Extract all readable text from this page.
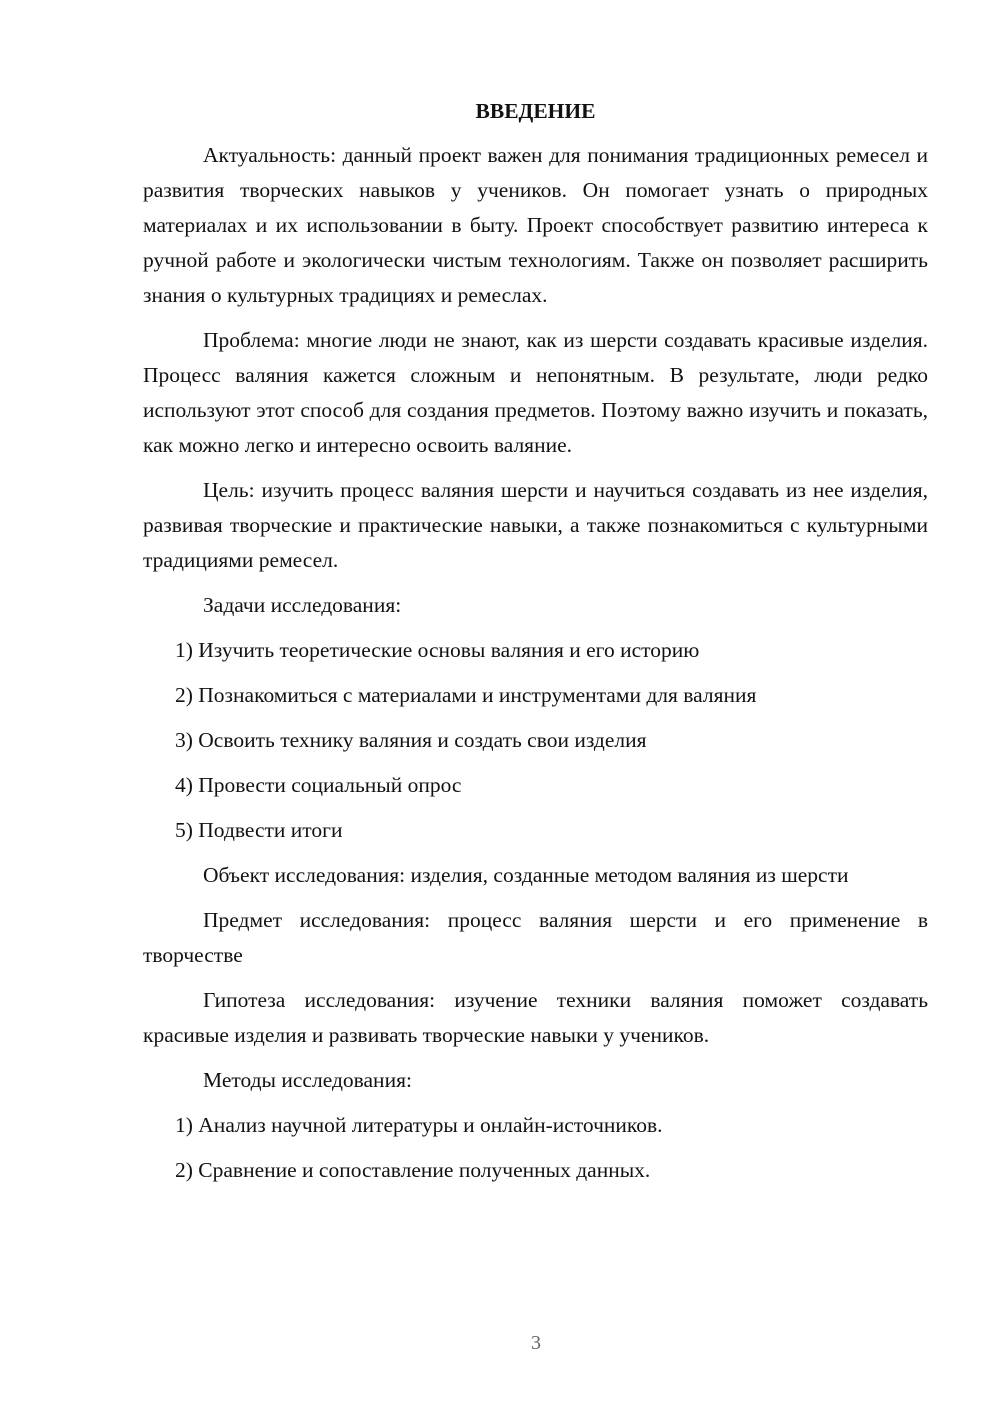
ВВЕДЕНИЕ

Актуальность: данный проект важен для понимания традиционных ремесел и развития творческих навыков у учеников. Он помогает узнать о природных материалах и их использовании в быту. Проект способствует развитию интереса к ручной работе и экологически чистым технологиям. Также он позволяет расширить знания о культурных традициях и ремеслах.

Проблема: многие люди не знают, как из шерсти создавать красивые изделия. Процесс валяния кажется сложным и непонятным. В результате, люди редко используют этот способ для создания предметов. Поэтому важно изучить и показать, как можно легко и интересно освоить валяние.

Цель: изучить процесс валяния шерсти и научиться создавать из нее изделия, развивая творческие и практические навыки, а также познакомиться с культурными традициями ремесел.

Задачи исследования:

1) Изучить теоретические основы валяния и его историю

2) Познакомиться с материалами и инструментами для валяния

3) Освоить технику валяния и создать свои изделия

4) Провести социальный опрос

5) Подвести итоги

Объект исследования: изделия, созданные методом валяния из шерсти

Предмет исследования: процесс валяния шерсти и его применение в творчестве

Гипотеза исследования: изучение техники валяния поможет создавать красивые изделия и развивать творческие навыки у учеников.

Методы исследования:

1) Анализ научной литературы и онлайн-источников.

2) Сравнение и сопоставление полученных данных.

3
